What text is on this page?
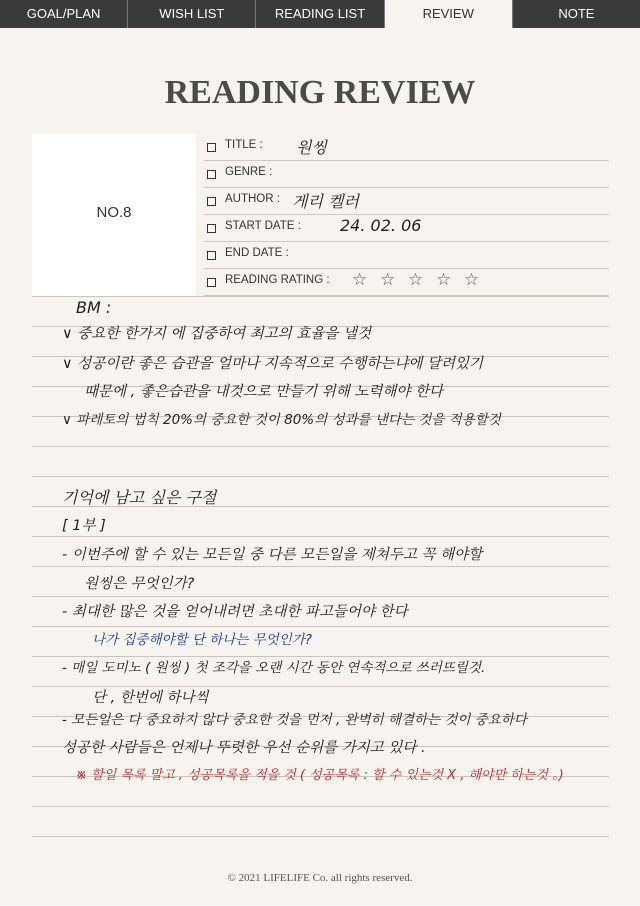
GOAL/PLAN	WISH LIST	READING LIST	REVIEW	NOTE
READING REVIEW
NO.8
TITLE : 원씽
GENRE :
AUTHOR : 게리 켈러
START DATE : 24. 02. 06
END DATE :
READING RATING : ☆ ☆ ☆ ☆ ☆
BM :
∨ 중요한 한가지 에 집중하여 최고의 효율을 낼것
∨ 성공이란 좋은 습관을 얼마나 지속적으로 수행하는냐에 달려있기
때문에 , 좋은습관을 내것으로 만들기 위해 노력해야 한다
∨ 파레토의 법칙 20%의 중요한 것이 80%의 성과를 낸다는 것을 적용할것
기억에 남고 싶은 구절
[ 1부 ]
- 이번주에 할 수 있는 모든일 중 다른 모든일을 제쳐두고 꼭 해야할
원씽은 무엇인가?
- 최대한 많은 것을 얻어내려면 초대한 파고들어야 한다
나가 집중해야할 단 하나는 무엇인가?
- 매일 도미노 ( 원씽 ) 첫 조각을 오랜 시간 동안 연속적으로 쓰러뜨릴것.
단 , 한번에 하나씩
- 모든일은 다 중요하지 않다 중요한 것을 먼저 , 완벽히 해결하는 것이 중요하다
성공한 사람들은 언제나 뚜렷한 우선 순위를 가지고 있다 .
※ 할일 목록 말고 , 성공목록을 적을 것 ( 성공목록 : 할 수 있는것 X , 해야만 하는것 。)
© 2021 LIFELIFE Co. all rights reserved.
